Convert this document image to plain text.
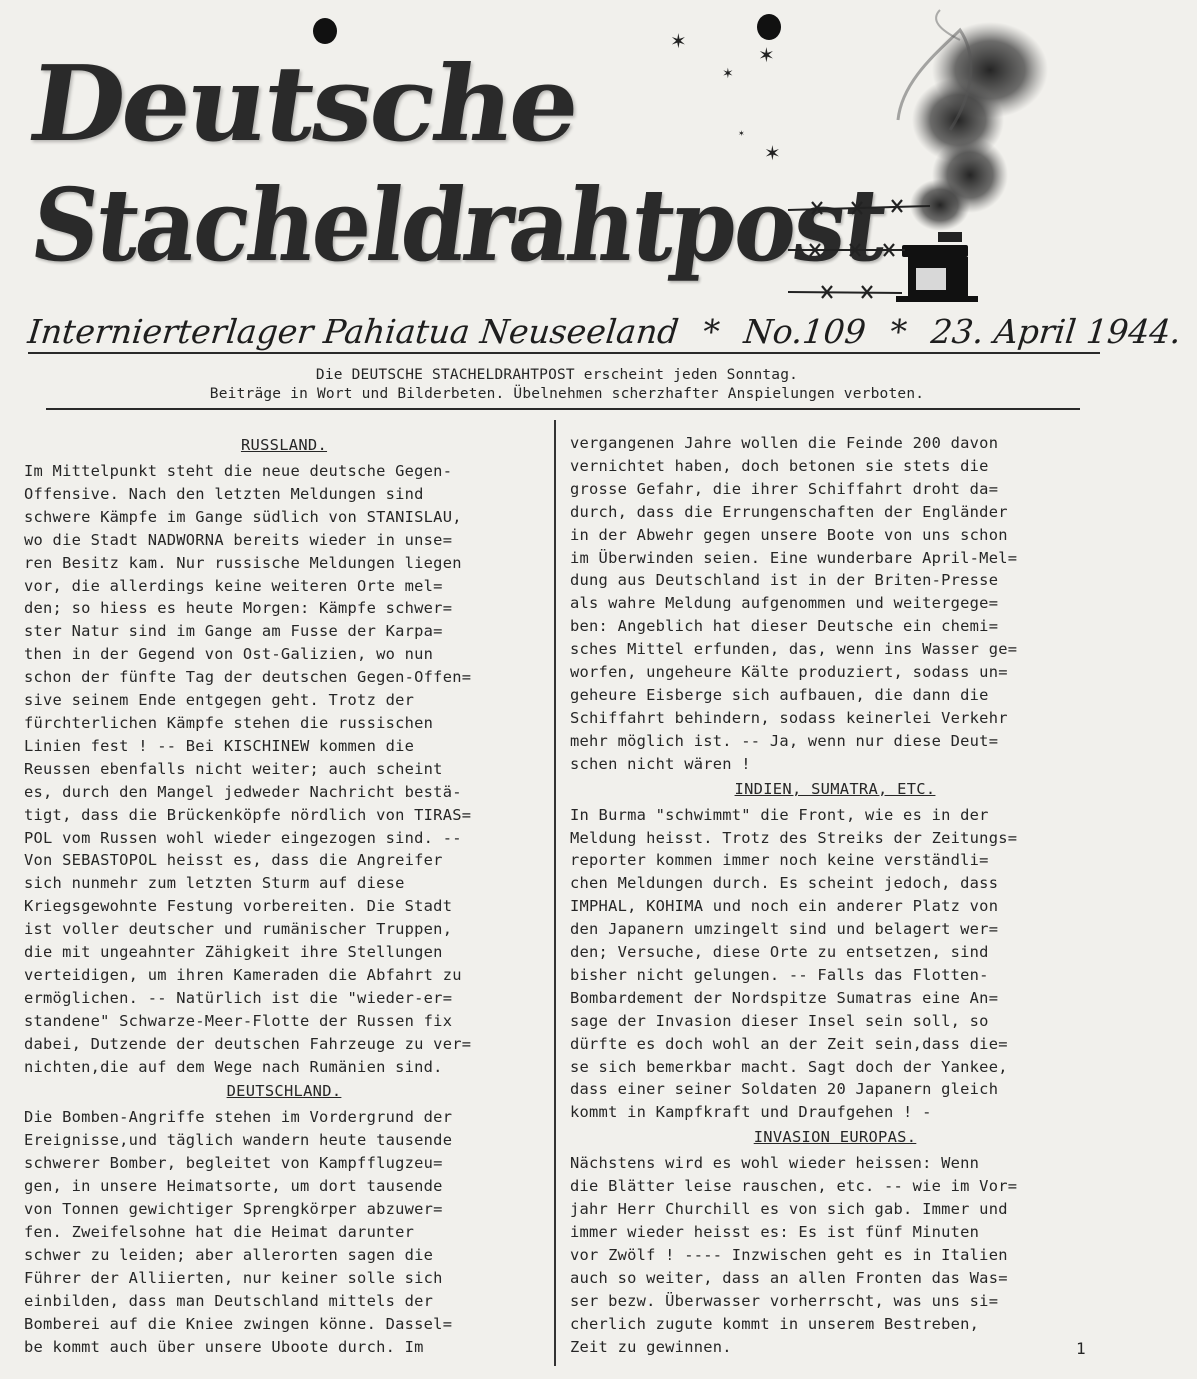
Deutsche
Stacheldrahtpost
✶
✶
✶
✶
✶
Internierterlager Pahiatua Neuseeland * No.109 * 23. April 1944.
Die DEUTSCHE STACHELDRAHTPOST erscheint jeden Sonntag.
Beiträge in Wort und Bilderbeten. Übelnehmen scherzhafter Anspielungen verboten.
RUSSLAND.
Im Mittelpunkt steht die neue deutsche Gegen-
Offensive. Nach den letzten Meldungen sind
schwere Kämpfe im Gange südlich von STANISLAU,
wo die Stadt NADWORNA bereits wieder in unse=
ren Besitz kam. Nur russische Meldungen liegen
vor, die allerdings keine weiteren Orte mel=
den; so hiess es heute Morgen: Kämpfe schwer=
ster Natur sind im Gange am Fusse der Karpa=
then in der Gegend von Ost-Galizien, wo nun
schon der fünfte Tag der deutschen Gegen-Offen=
sive seinem Ende entgegen geht. Trotz der
fürchterlichen Kämpfe stehen die russischen
Linien fest ! -- Bei KISCHINEW kommen die
Reussen ebenfalls nicht weiter; auch scheint
es, durch den Mangel jedweder Nachricht bestä-
tigt, dass die Brückenköpfe nördlich von TIRAS=
POL vom Russen wohl wieder eingezogen sind. --
Von SEBASTOPOL heisst es, dass die Angreifer
sich nunmehr zum letzten Sturm auf diese
Kriegsgewohnte Festung vorbereiten. Die Stadt
ist voller deutscher und rumänischer Truppen,
die mit ungeahnter Zähigkeit ihre Stellungen
verteidigen, um ihren Kameraden die Abfahrt zu
ermöglichen. -- Natürlich ist die "wieder-er=
standene" Schwarze-Meer-Flotte der Russen fix
dabei, Dutzende der deutschen Fahrzeuge zu ver=
nichten,die auf dem Wege nach Rumänien sind.
DEUTSCHLAND.
Die Bomben-Angriffe stehen im Vordergrund der
Ereignisse,und täglich wandern heute tausende
schwerer Bomber, begleitet von Kampfflugzeu=
gen, in unsere Heimatsorte, um dort tausende
von Tonnen gewichtiger Sprengkörper abzuwer=
fen. Zweifelsohne hat die Heimat darunter
schwer zu leiden; aber allerorten sagen die
Führer der Alliierten, nur keiner solle sich
einbilden, dass man Deutschland mittels der
Bomberei auf die Kniee zwingen könne. Dassel=
be kommt auch über unsere Uboote durch. Im
vergangenen Jahre wollen die Feinde 200 davon
vernichtet haben, doch betonen sie stets die
grosse Gefahr, die ihrer Schiffahrt droht da=
durch, dass die Errungenschaften der Engländer
in der Abwehr gegen unsere Boote von uns schon
im Überwinden seien. Eine wunderbare April-Mel=
dung aus Deutschland ist in der Briten-Presse
als wahre Meldung aufgenommen und weitergege=
ben: Angeblich hat dieser Deutsche ein chemi=
sches Mittel erfunden, das, wenn ins Wasser ge=
worfen, ungeheure Kälte produziert, sodass un=
geheure Eisberge sich aufbauen, die dann die
Schiffahrt behindern, sodass keinerlei Verkehr
mehr möglich ist. -- Ja, wenn nur diese Deut=
schen nicht wären !
INDIEN, SUMATRA, ETC.
In Burma "schwimmt" die Front, wie es in der
Meldung heisst. Trotz des Streiks der Zeitungs=
reporter kommen immer noch keine verständli=
chen Meldungen durch. Es scheint jedoch, dass
IMPHAL, KOHIMA und noch ein anderer Platz von
den Japanern umzingelt sind und belagert wer=
den; Versuche, diese Orte zu entsetzen, sind
bisher nicht gelungen. -- Falls das Flotten-
Bombardement der Nordspitze Sumatras eine An=
sage der Invasion dieser Insel sein soll, so
dürfte es doch wohl an der Zeit sein,dass die=
se sich bemerkbar macht. Sagt doch der Yankee,
dass einer seiner Soldaten 20 Japanern gleich
kommt in Kampfkraft und Draufgehen ! -
INVASION EUROPAS.
Nächstens wird es wohl wieder heissen: Wenn
die Blätter leise rauschen, etc. -- wie im Vor=
jahr Herr Churchill es von sich gab. Immer und
immer wieder heisst es: Es ist fünf Minuten
vor Zwölf ! ---- Inzwischen geht es in Italien
auch so weiter, dass an allen Fronten das Was=
ser bezw. Überwasser vorherrscht, was uns si=
cherlich zugute kommt in unserem Bestreben,
Zeit zu gewinnen.	1
